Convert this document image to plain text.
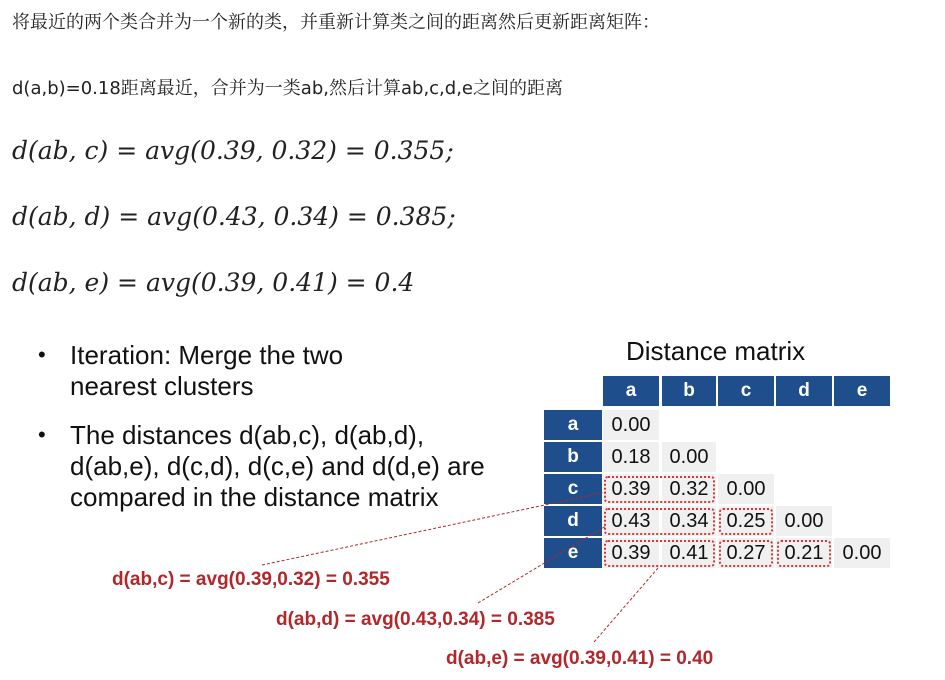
将最近的两个类合并为一个新的类，并重新计算类之间的距离然后更新距离矩阵：
d(a,b)=0.18距离最近，合并为一类ab,然后计算ab,c,d,e之间的距离
d(ab, c) = avg(0.39, 0.32) = 0.355;
d(ab, d) = avg(0.43, 0.34) = 0.385;
d(ab, e) = avg(0.39, 0.41) = 0.4
• Iteration: Merge the two nearest clusters
• The distances d(ab,c), d(ab,d), d(ab,e), d(c,d), d(c,e) and d(d,e) are compared in the distance matrix
Distance matrix
a	b	c	d	e
a	0.00
b	0.18 0.00
c	0.39 0.32 0.00
d	0.43 0.34 0.25 0.00
e	0.39 0.41 0.27 0.21 0.00
d(ab,c) = avg(0.39,0.32) = 0.355
d(ab,d) = avg(0.43,0.34) = 0.385
d(ab,e) = avg(0.39,0.41) = 0.40
